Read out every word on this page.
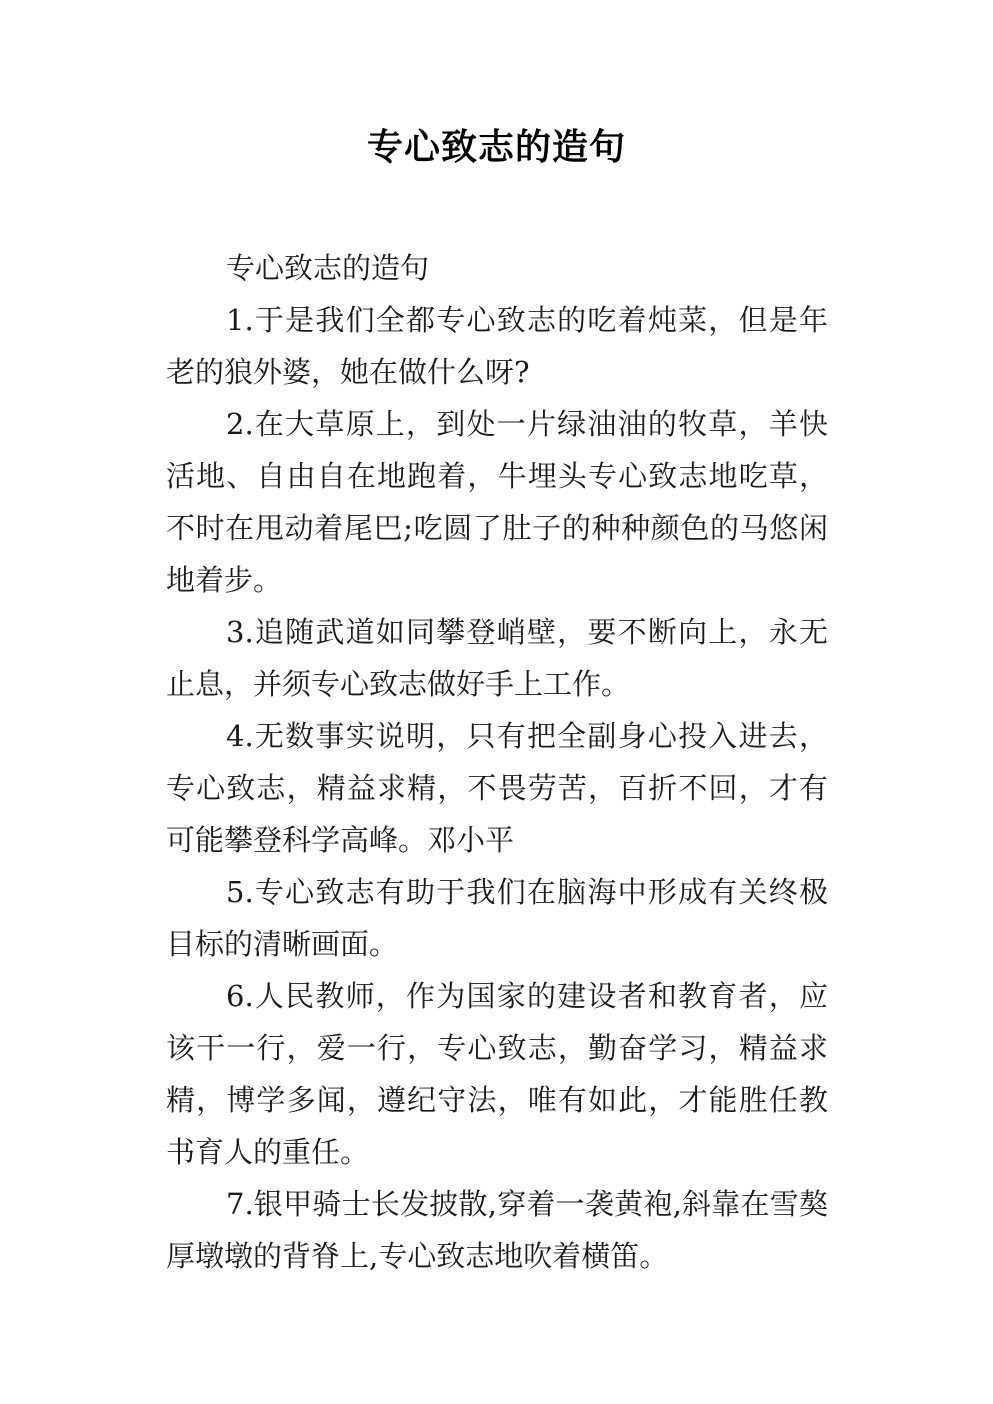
专心致志的造句

专心致志的造句

1.于是我们全都专心致志的吃着炖菜，但是年老的狼外婆，她在做什么呀?

2.在大草原上，到处一片绿油油的牧草，羊快活地、自由自在地跑着，牛埋头专心致志地吃草，不时在甩动着尾巴;吃圆了肚子的种种颜色的马悠闲地着步。

3.追随武道如同攀登峭壁，要不断向上，永无止息，并须专心致志做好手上工作。

4.无数事实说明，只有把全副身心投入进去，专心致志，精益求精，不畏劳苦，百折不回，才有可能攀登科学高峰。邓小平

5.专心致志有助于我们在脑海中形成有关终极目标的清晰画面。

6.人民教师，作为国家的建设者和教育者，应该干一行，爱一行，专心致志，勤奋学习，精益求精，博学多闻，遵纪守法，唯有如此，才能胜任教书育人的重任。

7.银甲骑士长发披散,穿着一袭黄袍,斜靠在雪獒厚墩墩的背脊上,专心致志地吹着横笛。
